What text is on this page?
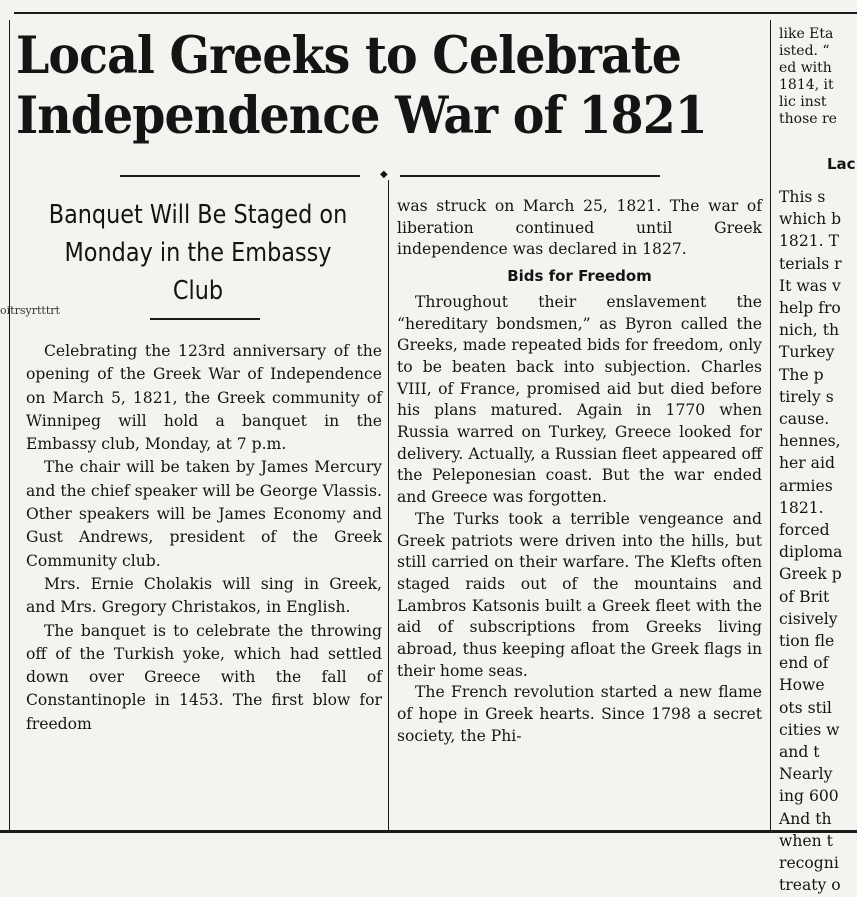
oitrsyrtttrt
Local Greeks to Celebrate
Independence War of 1821
◆
Banquet Will Be Staged on
Monday in the Embassy
Club

Celebrating the 123rd anniversary of the opening of the Greek War of Independence on March 5, 1821, the Greek community of Winnipeg will hold a banquet in the Embassy club, Monday, at 7 p.m.

The chair will be taken by James Mercury and the chief speaker will be George Vlassis. Other speakers will be James Economy and Gust Andrews, president of the Greek Community club.

Mrs. Ernie Cholakis will sing in Greek, and Mrs. Gregory Christakos, in English.

The banquet is to celebrate the throwing off of the Turkish yoke, which had settled down over Greece with the fall of Constantinople in 1453. The first blow for freedom

was struck on March 25, 1821. The war of liberation continued until Greek independence was declared in 1827.

Bids for Freedom

Throughout their enslavement the “hereditary bondsmen,” as Byron called the Greeks, made repeated bids for freedom, only to be beaten back into subjection. Charles VIII, of France, promised aid but died before his plans matured. Again in 1770 when Russia warred on Turkey, Greece looked for delivery. Actually, a Russian fleet appeared off the Peleponesian coast. But the war ended and Greece was forgotten.

The Turks took a terrible vengeance and Greek patriots were driven into the hills, but still carried on their warfare. The Klefts often staged raids out of the mountains and Lambros Katsonis built a Greek fleet with the aid of subscriptions from Greeks living abroad, thus keeping afloat the Greek flags in their home seas.

The French revolution started a new flame of hope in Greek hearts. Since 1798 a secret society, the Phi-

like Eta
isted. “
ed with
1814, it
lic inst
those re
Lac
This s
which b
1821. T
terials r
It was v
help fro
nich, th
Turkey
The p
tirely s
cause.
hennes,
her aid
armies
1821.
forced
diploma
Greek p
of Brit
cisively
tion fle
end of
Howe
ots stil
cities w
and t
Nearly
ing 600
And th
when t
recogni
treaty o
